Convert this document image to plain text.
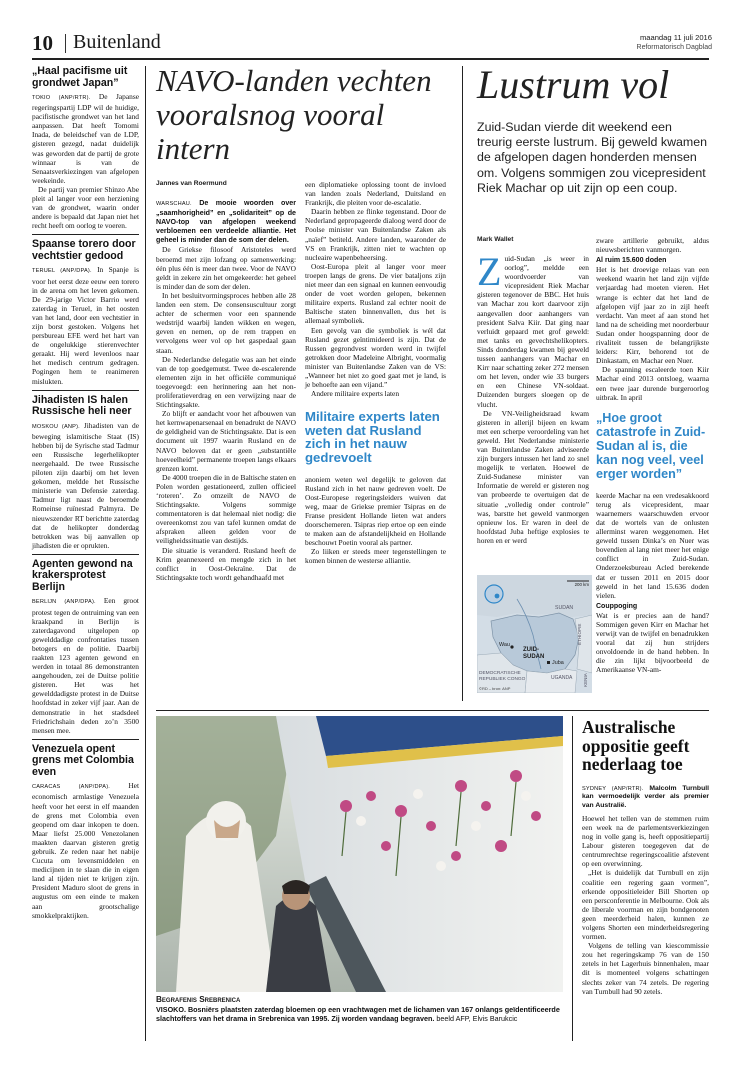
10 Buitenland	maandag 11 juli 2016
Reformatorisch Dagblad
„Haal pacifisme uit grondwet Japan”

TOKIO (ANP/RTR). De Japanse regeringspartij LDP wil de huidige, pacifistische grondwet van het land aanpassen. Dat heeft Tomomi Inada, de beleidschef van de LDP, gisteren gezegd, nadat duidelijk was geworden dat de partij de grote winnaar is van de Senaatsverkiezingen van afgelopen weekeinde.

De partij van premier Shinzo Abe pleit al langer voor een herziening van de grondwet, waarin onder andere is bepaald dat Japan niet het recht heeft om oorlog te voeren.

Spaanse torero door vechtstier gedood

TERUEL (ANP/DPA). In Spanje is voor het eerst deze eeuw een torero in de arena om het leven gekomen. De 29-jarige Victor Barrio werd zaterdag in Teruel, in het oosten van het land, door een vechtstier in zijn borst gestoken. Volgens het persbureau EFE werd het hart van de ongelukkige stierenvechter geraakt. Hij werd levenloos naar het medisch centrum gedragen. Pogingen hem te reanimeren mislukten.

Jihadisten IS halen Russische heli neer

MOSKOU (ANP). Jihadisten van de beweging islamitische Staat (IS) hebben bij de Syrische stad Tadmur een Russische legerhelikopter neergehaald. De twee Russische piloten zijn daarbij om het leven gekomen, meldde het Russische ministerie van Defensie zaterdag. Tadmur ligt naast de beroemde Romeinse ruïnestad Palmyra. De nieuwszender RT berichtte zaterdag dat de helikopter donderdag betrokken was bij aanvallen op jihadisten die er oprukten.

Agenten gewond na krakersprotest Berlijn

BERLIJN (ANP/DPA). Een groot protest tegen de ontruiming van een kraakpand in Berlijn is zaterdagavond uitgelopen op gewelddadige confrontaties tussen betogers en de politie. Daarbij raakten 123 agenten gewond en werden in totaal 86 demonstranten aangehouden, zei de Duitse politie gisteren. Het was het gewelddadigste protest in de Duitse hoofdstad in zeker vijf jaar. Aan de demonstratie in het stadsdeel Friedrichshain deden zo’n 3500 mensen mee.

Venezuela opent grens met Colombia even

CARACAS (ANP/DPA). Het economisch armlastige Venezuela heeft voor het eerst in elf maanden de grens met Colombia even geopend om daar inkopen te doen. Maar liefst 25.000 Venezolanen maakten daarvan gisteren gretig gebruik. Ze reden naar het nabije Cucuta om levensmiddelen en medicijnen in te slaan die in eigen land al tijden niet te krijgen zijn. President Maduro sloot de grens in augustus om een einde te maken aan grootschalige smokkelpraktijken.

NAVO-landen vechten vooralsnog vooral intern
Jannes van Roermund

WARSCHAU. De mooie woorden over „saamhorigheid” en „solidariteit” op de NAVO-top van afgelopen weekend verbloemen een verdeelde alliantie. Het geheel is minder dan de som der delen.

De Griekse filosoof Aristoteles werd beroemd met zijn lofzang op samenwerking: één plus één is meer dan twee. Voor de NAVO geldt in zekere zin het omgekeerde: het geheel is minder dan de som der delen.

In het besluitvormingsproces hebben alle 28 landen een stem. De consensuscultuur zorgt achter de schermen voor een spannende wedstrijd waarbij landen wikken en wegen, geven en nemen, op de rem trappen en vervolgens weer vol op het gaspedaal gaan staan.

De Nederlandse delegatie was aan het einde van de top goedgemutst. Twee de-escalerende elementen zijn in het officiële communiqué toegevoegd: een herinnering aan het non-proliferatieverdrag en een verwijzing naar de Stichtingsakte.

Zo blijft er aandacht voor het afbouwen van het kernwapenarsenaal en benadrukt de NAVO de geldigheid van de Stichtingsakte. Dat is een document uit 1997 waarin Rusland en de NAVO beloven dat er geen „substantiële hoeveelheid” permanente troepen langs elkaars grenzen komt.

De 4000 troepen die in de Baltische staten en Polen worden gestationeerd, zullen officieel ‘roteren’. Zo omzeilt de NAVO de Stichtingsakte. Volgens sommige commentatoren is dat helemaal niet nodig: die overeenkomst zou van tafel kunnen omdat de afspraken alleen gelden voor de veiligheidssituatie van destijds.

Die situatie is veranderd. Rusland heeft de Krim geannexeerd en mengde zich in het conflict in Oost-Oekraïne. Dat de Stichtingsakte toch wordt gehandhaafd met

een diplomatieke oplossing toont de invloed van landen zoals Nederland, Duitsland en Frankrijk, die pleiten voor de-escalatie.

Daarin hebben ze flinke tegenstand. Door de Nederland gepropageerde dialoog werd door de Poolse minister van Buitenlandse Zaken als „naïef” betiteld. Andere landen, waaronder de VS en Frankrijk, zitten niet te wachten op nucleaire wapenbeheersing.

Oost-Europa pleit al langer voor meer troepen langs de grens. De vier bataljons zijn niet meer dan een signaal en kunnen eenvoudig onder de voet worden gelopen, bekennen militaire experts. Rusland zal echter nooit de Baltische staten binnenvallen, dus het is allemaal symboliek.

Een gevolg van die symboliek is wél dat Rusland gezet geïntimideerd is zijn. Dat de Russen gegrondvest worden werd in twijfel getrokken door Madeleine Albright, voormalig minister van Buitenlandse Zaken van de VS: „Wanneer het niet zo goed gaat met je land, is je behoefte aan een vijand.”

Andere militaire experts laten

Militaire experts laten weten dat Rusland zich in het nauw gedrevoelt

anoniem weten wel degelijk te geloven dat Rusland zich in het nauw gedreven voelt. De Oost-Europese regeringsleiders wuiven dat weg, maar de Griekse premier Tsipras en de Franse president Hollande lieten wat anders doorschemeren. Tsipras riep ertoe op een einde te maken aan de afstandelijkheid en Hollande beschouwt Poetin vooral als partner.

Zo liiken er steeds meer tegenstellingen te komen binnen de westerse alliantie.

Lustrum vol

Zuid-Sudan vierde dit weekend een treurig eerste lustrum. Bij geweld kwamen de afgelopen dagen honderden mensen om. Volgens sommigen zou vicepresident Riek Machar op uit zijn op een coup.

Mark Wallet

Zuid-Sudan „is weer in oorlog”, meldde een woordvoerder van vicepresident Riek Machar gisteren tegenover de BBC. Het huis van Machar zou kort daarvoor zijn aangevallen door aanhangers van president Salva Kiir. Dat ging naar verluidt gepaard met grof geweld: met tanks en gevechtshelikopters. Sinds donderdag kwamen bij geweld tussen aanhangers van Machar en Kirr naar schatting zeker 272 mensen om het leven, onder wie 33 burgers en een Chinese VN-soldaat. Duizenden burgers sloegen op de vlucht.

De VN-Veiligheidsraad kwam gisteren in allerijl bijeen en kwam met een scherpe veroordeling van het geweld. Het Nederlandse ministerie van Buitenlandse Zaken adviseerde zijn burgers intussen het land zo snel mogelijk te verlaten. Hoewel de Zuid-Sudanese minister van Informatie de wereld er gisteren nog van probeerde te overtuigen dat de situatie „volledig onder controle” was, barstte het geweld vanmorgen opnieuw los. Er waren in deel de hoofdstad Juba heftige explosies te horen en er werd

200 km
SUDAN
ETHIOPIE
KENIA
UGANDA
DEMOCRATISCHE REPUBLIEK CONGO
Wau
Juba
ZUID-
SUDAN
©RD – bron: ANP

zware artillerie gebruikt, aldus nieuwsberichten vanmorgen.

Al ruim 15.600 doden

Het is het droevige relaas van een weekend waarin het land zijn vijfde verjaardag had moeten vieren. Het wrange is echter dat het land de afgelopen vijf jaar zo in zijl heeft verdacht. Van meet af aan stond het land na de scheiding met noorderbuur Sudan onder hoogspanning door de rivaliteit tussen de belangrijkste leiders: Kirr, behorend tot de Dinkastam, en Machar een Nuer.

De spanning escaleerde toen Kiir Machar eind 2013 ontsloeg, waarna een twee jaar durende burgeroorlog uitbrak. In april

„Hoe groot catastrofe in Zuid-Sudan al is, die kan nog veel, veel erger worden”

keerde Machar na een vredesakkoord terug als vicepresident, maar waarnemers waarschuwden ervoor dat de wortels van de onlusten allerminst waren weggenomen. Het geweld tussen Dinka’s en Nuer was bovendien al lang niet meer het enige conflict in Zuid-Sudan. Onderzoeksbureau Acled berekende dat er tussen 2011 en 2015 door geweld in het land 15.636 doden vielen.

Couppoging

Wat is er precies aan de hand? Sommigen geven Kirr en Machar het verwijt van de twijfel en benadrukken vooral dat zij hun strijders onvoldoende in de hand hebben. In die zin lijkt bijvoorbeeld de Amerikaanse VN-am-

Begrafenis Srebrenica

VISOKO. Bosniërs plaatsten zaterdag bloemen op een vrachtwagen met de lichamen van 167 onlangs geïdentificeerde slachtoffers van het drama in Srebrenica van 1995. Zij worden vandaag begraven. beeld AFP, Elvis Barukcic

Australische oppositie geeft nederlaag toe

SYDNEY (ANP/RTR). Malcolm Turnbull kan vermoedelijk verder als premier van Australië.

Hoewel het tellen van de stemmen ruim een week na de parlementsverkiezingen nog in volle gang is, heeft oppositiepartij Labour gisteren toegegeven dat de centrumrechtse regeringscoalitie afstevent op een overwinning.

„Het is duidelijk dat Turnbull en zijn coalitie een regering gaan vormen”, erkende oppositieleider Bill Shorten op een persconferentie in Melbourne. Ook als de liberale voorman en zijn bondgenoten geen meerderheid halen, kunnen ze volgens Shorten een minderheidsregering vormen.

Volgens de telling van kiescommissie zou het regeringskamp 76 van de 150 zetels in het Lagerhuis binnenhalen, maar dit is momenteel volgens schattingen slechts zeker van 74 zetels. De regering van Turnbull had 90 zetels.
